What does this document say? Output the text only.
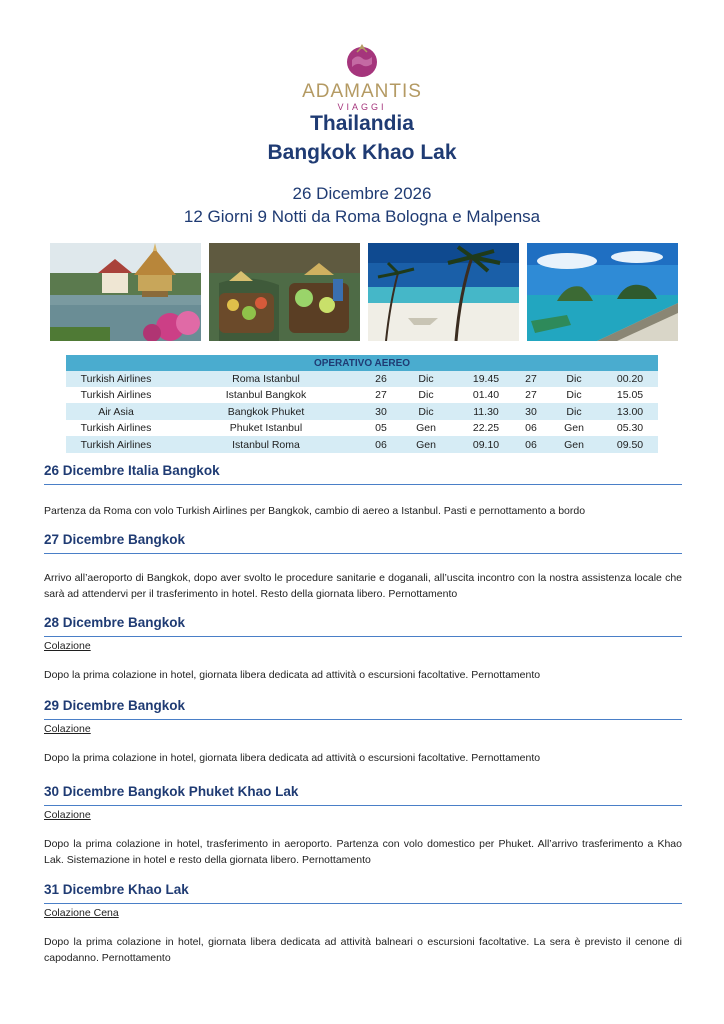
ADAMANTIS
VIAGGI
Thailandia
Bangkok Khao Lak
26 Dicembre 2026
12 Giorni 9 Notti da Roma Bologna e Malpensa
OPERATIVO AEREO							
Turkish Airlines	Roma Istanbul	26	Dic	19.45	27	Dic	00.20
Turkish Airlines	Istanbul Bangkok	27	Dic	01.40	27	Dic	15.05
Air Asia	Bangkok Phuket	30	Dic	11.30	30	Dic	13.00
Turkish Airlines	Phuket Istanbul	05	Gen	22.25	06	Gen	05.30
Turkish Airlines	Istanbul Roma	06	Gen	09.10	06	Gen	09.50
26 Dicembre Italia Bangkok
Partenza da Roma con volo Turkish Airlines per Bangkok, cambio di aereo a Istanbul. Pasti e pernottamento a bordo
27 Dicembre Bangkok
Arrivo all’aeroporto di Bangkok, dopo aver svolto le procedure sanitarie e doganali, all’uscita incontro con la nostra assistenza locale che sarà ad attendervi per il trasferimento in hotel. Resto della giornata libero. Pernottamento
28 Dicembre Bangkok
Colazione
Dopo la prima colazione in hotel, giornata libera dedicata ad attività o escursioni facoltative. Pernottamento
29 Dicembre Bangkok
Colazione
Dopo la prima colazione in hotel, giornata libera dedicata ad attività o escursioni facoltative. Pernottamento
30 Dicembre Bangkok Phuket Khao Lak
Colazione
Dopo la prima colazione in hotel, trasferimento in aeroporto. Partenza con volo domestico per Phuket. All’arrivo trasferimento a Khao Lak. Sistemazione in hotel e resto della giornata libero. Pernottamento
31 Dicembre Khao Lak
Colazione Cena
Dopo la prima colazione in hotel, giornata libera dedicata ad attività balneari o escursioni facoltative. La sera è previsto il cenone di capodanno. Pernottamento
